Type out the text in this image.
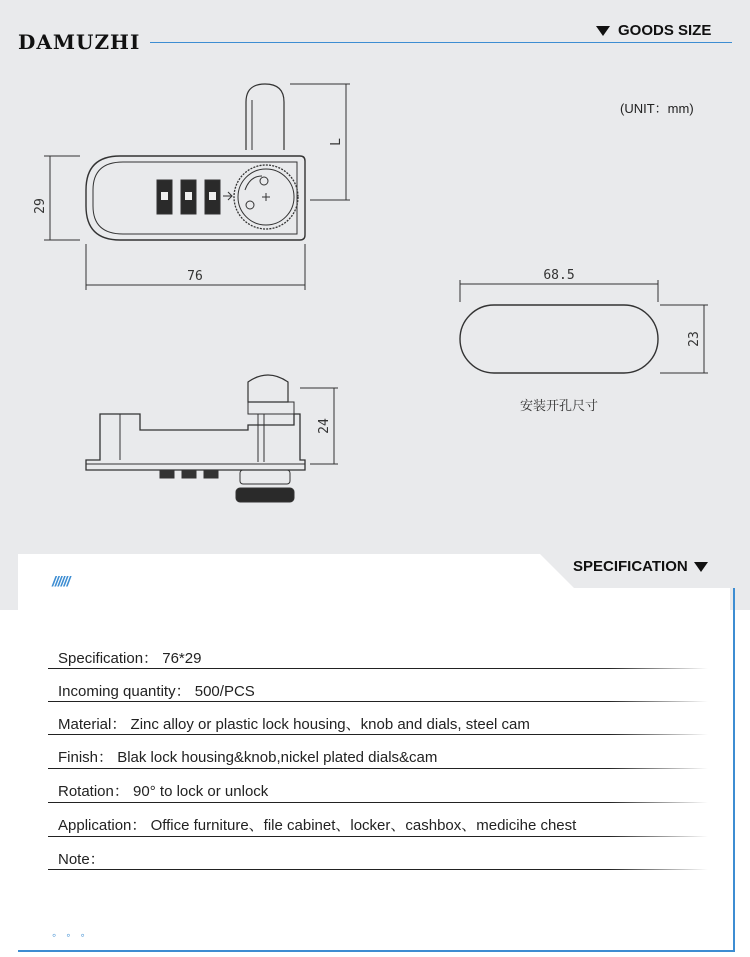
DAMUZHI	GOODS SIZE
(UNIT：mm)
76
29
L
24
68.5
23
安装开孔尺寸
SPECIFICATION
//////
Specification： 76*29
Incoming quantity： 500/PCS
Material： Zinc alloy or plastic lock housing、knob and dials, steel cam
Finish： Blak lock housing&knob,nickel plated dials&cam
Rotation： 90° to lock or unlock
Application： Office furniture、file cabinet、locker、cashbox、medicihe chest
Note：
◦◦◦
